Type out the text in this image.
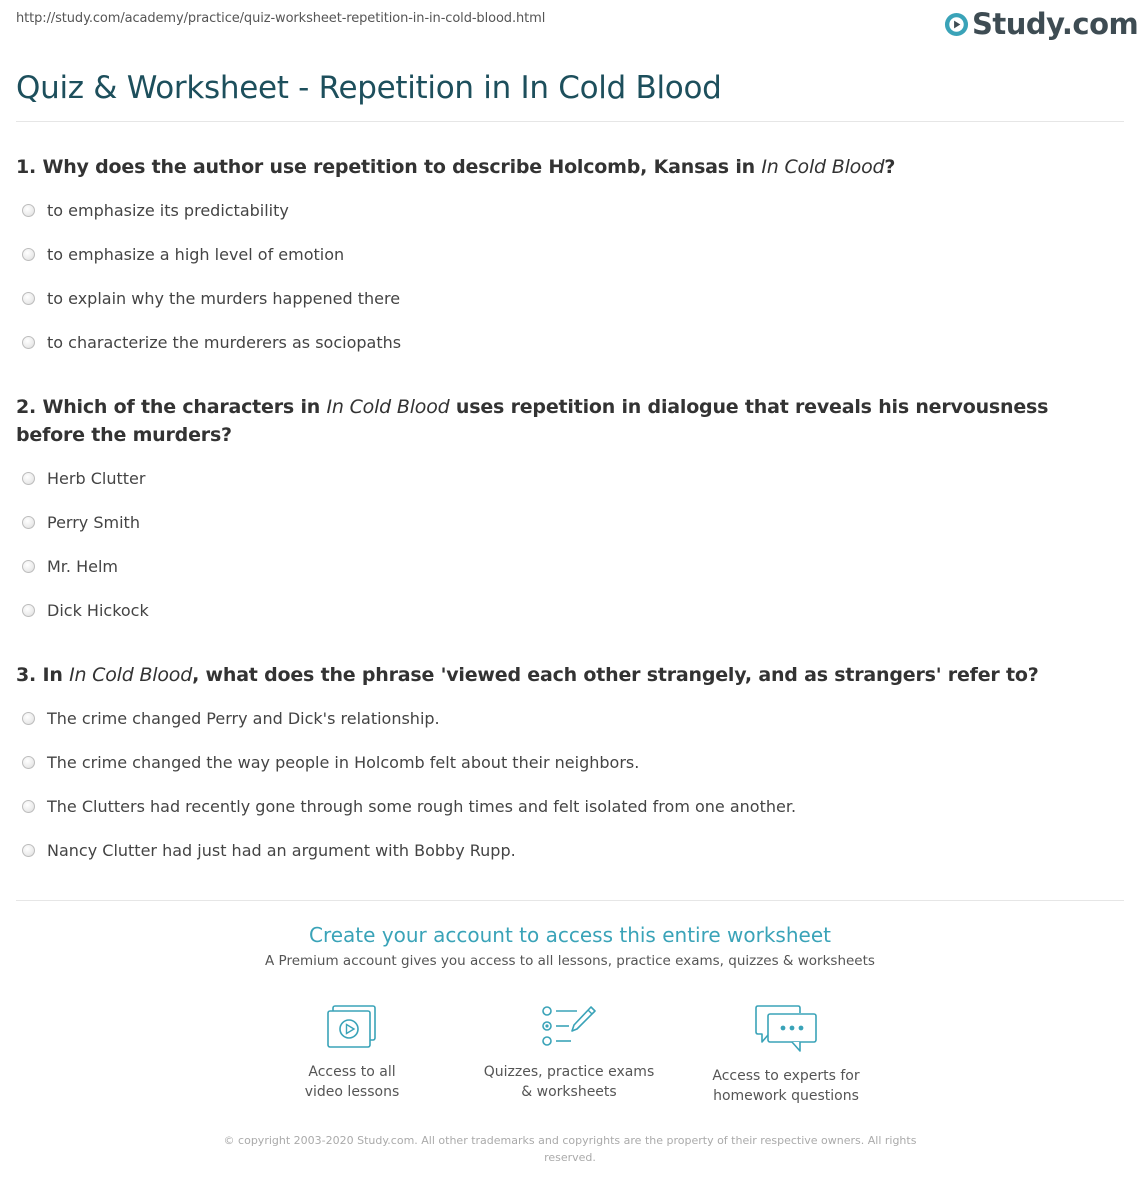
http://study.com/academy/practice/quiz-worksheet-repetition-in-in-cold-blood.html	Study.com
Quiz & Worksheet - Repetition in In Cold Blood
1. Why does the author use repetition to describe Holcomb, Kansas in In Cold Blood?
to emphasize its predictability
to emphasize a high level of emotion
to explain why the murders happened there
to characterize the murderers as sociopaths
2. Which of the characters in In Cold Blood uses repetition in dialogue that reveals his nervousness before the murders?
Herb Clutter
Perry Smith
Mr. Helm
Dick Hickock
3. In In Cold Blood, what does the phrase 'viewed each other strangely, and as strangers' refer to?
The crime changed Perry and Dick's relationship.
The crime changed the way people in Holcomb felt about their neighbors.
The Clutters had recently gone through some rough times and felt isolated from one another.
Nancy Clutter had just had an argument with Bobby Rupp.
Create your account to access this entire worksheet
A Premium account gives you access to all lessons, practice exams, quizzes & worksheets
Access to all
video lessons
Quizzes, practice exams
& worksheets
Access to experts for
homework questions
© copyright 2003-2020 Study.com. All other trademarks and copyrights are the property of their respective owners. All rights reserved.
